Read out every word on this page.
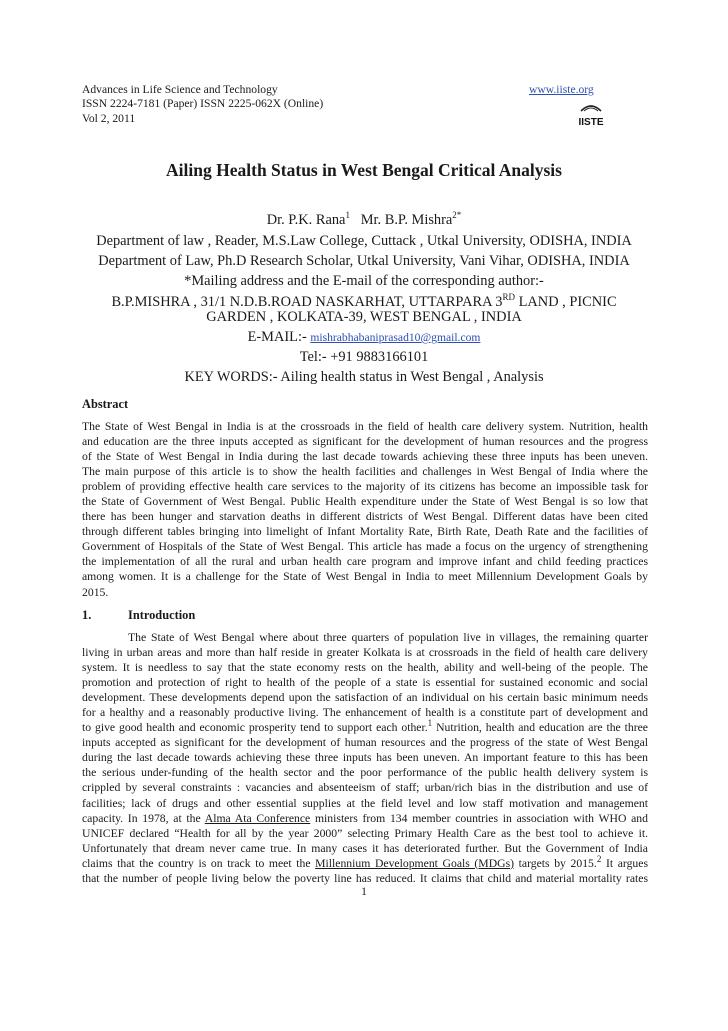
Advances in Life Science and Technology
ISSN 2224-7181 (Paper) ISSN 2225-062X (Online)
Vol 2, 2011
www.iiste.org
IISTE
Ailing Health Status in West Bengal Critical Analysis
Dr. P.K. Rana$^1$ Mr. B.P. Mishra$^{2*}$
Department of law , Reader, M.S.Law College, Cuttack , Utkal University, ODISHA, INDIA
Department of Law, Ph.D Research Scholar, Utkal University, Vani Vihar, ODISHA, INDIA
*Mailing address and the E-mail of the corresponding author:-
B.P.MISHRA , 31/1 N.D.B.ROAD NASKARHAT, UTTARPARA 3RD LAND , PICNIC
GARDEN , KOLKATA-39, WEST BENGAL , INDIA
E-MAIL:- mishrabhabaniprasad10@gmail.com
Tel:- +91 9883166101
KEY WORDS:- Ailing health status in West Bengal , Analysis
Abstract
The State of West Bengal in India is at the crossroads in the field of health care delivery system. Nutrition, health
and education are the three inputs accepted as significant for the development of human resources and the progress
of the State of West Bengal in India during the last decade towards achieving these three inputs has been uneven.
The main purpose of this article is to show the health facilities and challenges in West Bengal of India where the
problem of providing effective health care services to the majority of its citizens has become an impossible task for
the State of Government of West Bengal. Public Health expenditure under the State of West Bengal is so low that
there has been hunger and starvation deaths in different districts of West Bengal. Different datas have been cited
through different tables bringing into limelight of Infant Mortality Rate, Birth Rate, Death Rate and the facilities of
Government of Hospitals of the State of West Bengal. This article has made a focus on the urgency of strengthening
the implementation of all the rural and urban health care program and improve infant and child feeding practices
among women. It is a challenge for the State of West Bengal in India to meet Millennium Development Goals by
2015.
1.	Introduction
The State of West Bengal where about three quarters of population live in villages, the remaining quarter
living in urban areas and more than half reside in greater Kolkata is at crossroads in the field of health care delivery
system. It is needless to say that the state economy rests on the health, ability and well-being of the people. The
promotion and protection of right to health of the people of a state is essential for sustained economic and social
development. These developments depend upon the satisfaction of an individual on his certain basic minimum needs
for a healthy and a reasonably productive living. The enhancement of health is a constitute part of development and
to give good health and economic prosperity tend to support each other.$^1$ Nutrition, health and education are the three
inputs accepted as significant for the development of human resources and the progress of the state of West Bengal
during the last decade towards achieving these three inputs has been uneven. An important feature to this has been
the serious under-funding of the health sector and the poor performance of the public health delivery system is
crippled by several constraints : vacancies and absenteeism of staff; urban/rich bias in the distribution and use of
facilities; lack of drugs and other essential supplies at the field level and low staff motivation and management
capacity. In 1978, at the Alma Ata Conference ministers from 134 member countries in association with WHO and
UNICEF declared “Health for all by the year 2000” selecting Primary Health Care as the best tool to achieve it.
Unfortunately that dream never came true. In many cases it has deteriorated further. But the Government of India
claims that the country is on track to meet the Millennium Development Goals (MDGs) targets by 2015.$^2$ It argues
that the number of people living below the poverty line has reduced. It claims that child and material mortality rates
1
